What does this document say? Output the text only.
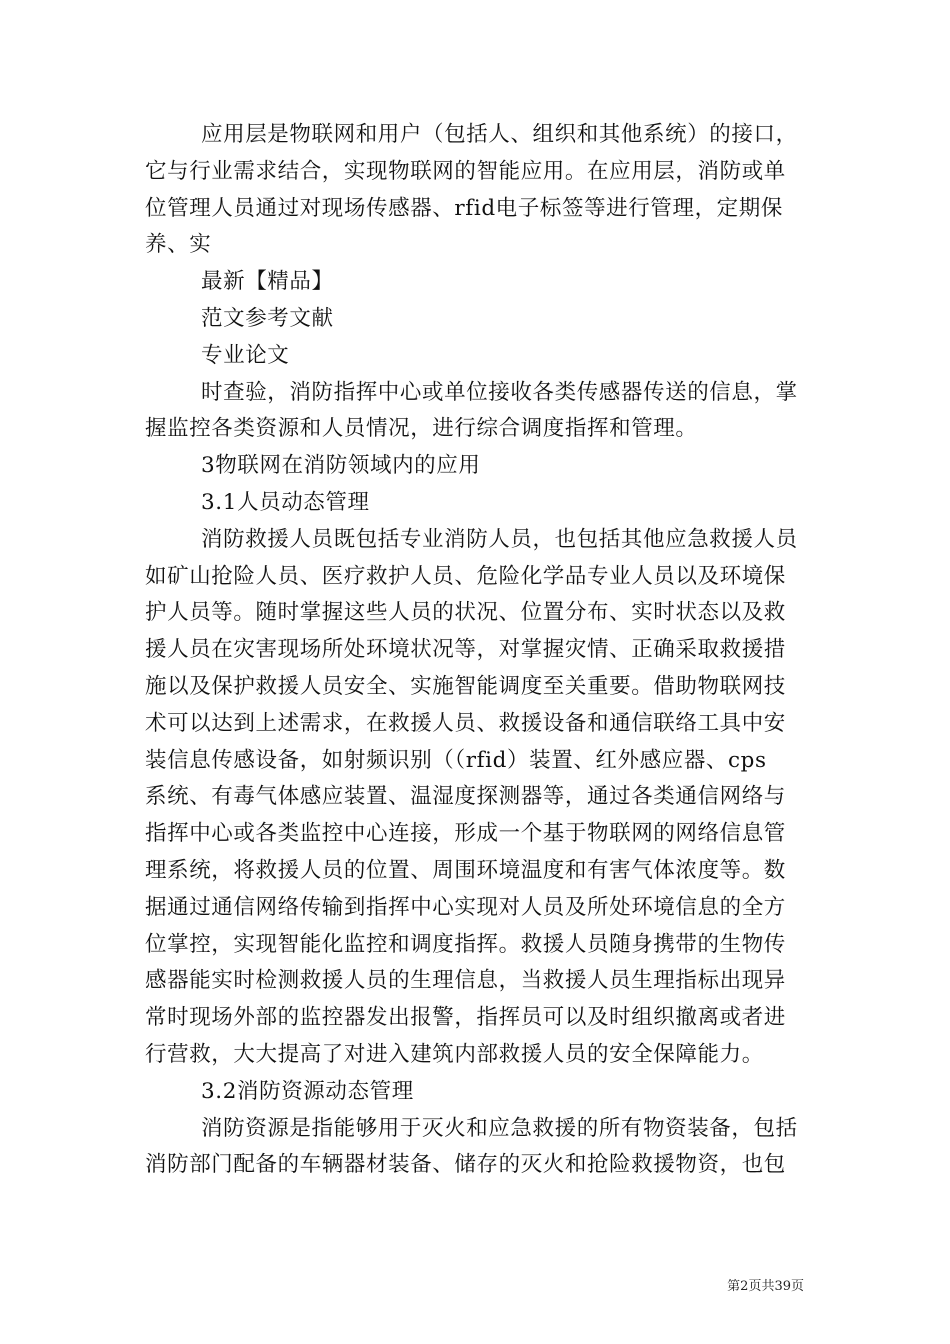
应用层是物联网和用户（包括人、组织和其他系统）的接口，
它与行业需求结合，实现物联网的智能应用。在应用层，消防或单
位管理人员通过对现场传感器、rfid电子标签等进行管理，定期保
养、实
最新【精品】
范文参考文献
专业论文
时查验，消防指挥中心或单位接收各类传感器传送的信息，掌
握监控各类资源和人员情况，进行综合调度指挥和管理。
3物联网在消防领域内的应用
3.1人员动态管理
消防救援人员既包括专业消防人员，也包括其他应急救援人员
如矿山抢险人员、医疗救护人员、危险化学品专业人员以及环境保
护人员等。随时掌握这些人员的状况、位置分布、实时状态以及救
援人员在灾害现场所处环境状况等，对掌握灾情、正确采取救援措
施以及保护救援人员安全、实施智能调度至关重要。借助物联网技
术可以达到上述需求，在救援人员、救援设备和通信联络工具中安
装信息传感设备，如射频识别（（rfid）装置、红外感应器、cps
系统、有毒气体感应装置、温湿度探测器等，通过各类通信网络与
指挥中心或各类监控中心连接，形成一个基于物联网的网络信息管
理系统，将救援人员的位置、周围环境温度和有害气体浓度等。数
据通过通信网络传输到指挥中心实现对人员及所处环境信息的全方
位掌控，实现智能化监控和调度指挥。救援人员随身携带的生物传
感器能实时检测救援人员的生理信息，当救援人员生理指标出现异
常时现场外部的监控器发出报警，指挥员可以及时组织撤离或者进
行营救，大大提高了对进入建筑内部救援人员的安全保障能力。
3.2消防资源动态管理
消防资源是指能够用于灭火和应急救援的所有物资装备，包括
消防部门配备的车辆器材装备、储存的灭火和抢险救援物资，也包
第2页共39页
